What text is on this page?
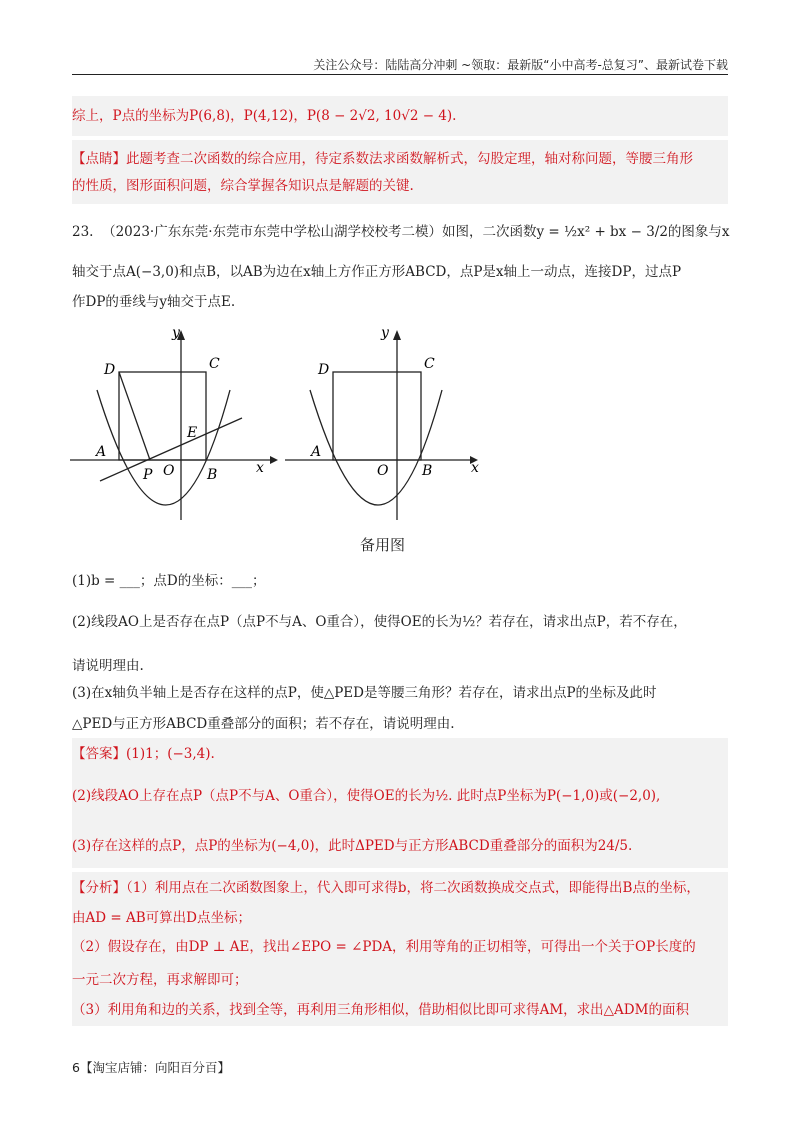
关注公众号：陆陆高分冲刺 ~领取：最新版“小中高考-总复习”、最新试卷下载
综上，P点的坐标为P(6,8)，P(4,12)，P(8 − 2√2, 10√2 − 4).
【点睛】此题考查二次函数的综合应用，待定系数法求函数解析式，勾股定理，轴对称问题，等腰三角形
的性质，图形面积问题，综合掌握各知识点是解题的关键.
23. （2023·广东东莞·东莞市东莞中学松山湖学校校考二模）如图，二次函数y = ½x² + bx − 3/2的图象与x
轴交于点A(−3,0)和点B，以AB为边在x轴上方作正方形ABCD，点P是x轴上一动点，连接DP，过点P
作DP的垂线与y轴交于点E.
y
x
D	C
E
A
P O B
y
x
D	C
A
O B
备用图
(1)b = ___；点D的坐标：___；
(2)线段AO上是否存在点P（点P不与A、O重合），使得OE的长为½？若存在，请求出点P，若不存在，
请说明理由.
(3)在x轴负半轴上是否存在这样的点P，使△PED是等腰三角形？若存在，请求出点P的坐标及此时
△PED与正方形ABCD重叠部分的面积；若不存在，请说明理由.
【答案】(1)1；(−3,4).
(2)线段AO上存在点P（点P不与A、O重合），使得OE的长为½. 此时点P坐标为P(−1,0)或(−2,0),
(3)存在这样的点P，点P的坐标为(−4,0)，此时ΔPED与正方形ABCD重叠部分的面积为24/5.
【分析】（1）利用点在二次函数图象上，代入即可求得b，将二次函数换成交点式，即能得出B点的坐标，
由AD = AB可算出D点坐标；
（2）假设存在，由DP ⊥ AE，找出∠EPO = ∠PDA，利用等角的正切相等，可得出一个关于OP长度的
一元二次方程，再求解即可；
（3）利用角和边的关系，找到全等，再利用三角形相似，借助相似比即可求得AM，求出△ADM的面积
6【淘宝店铺：向阳百分百】
